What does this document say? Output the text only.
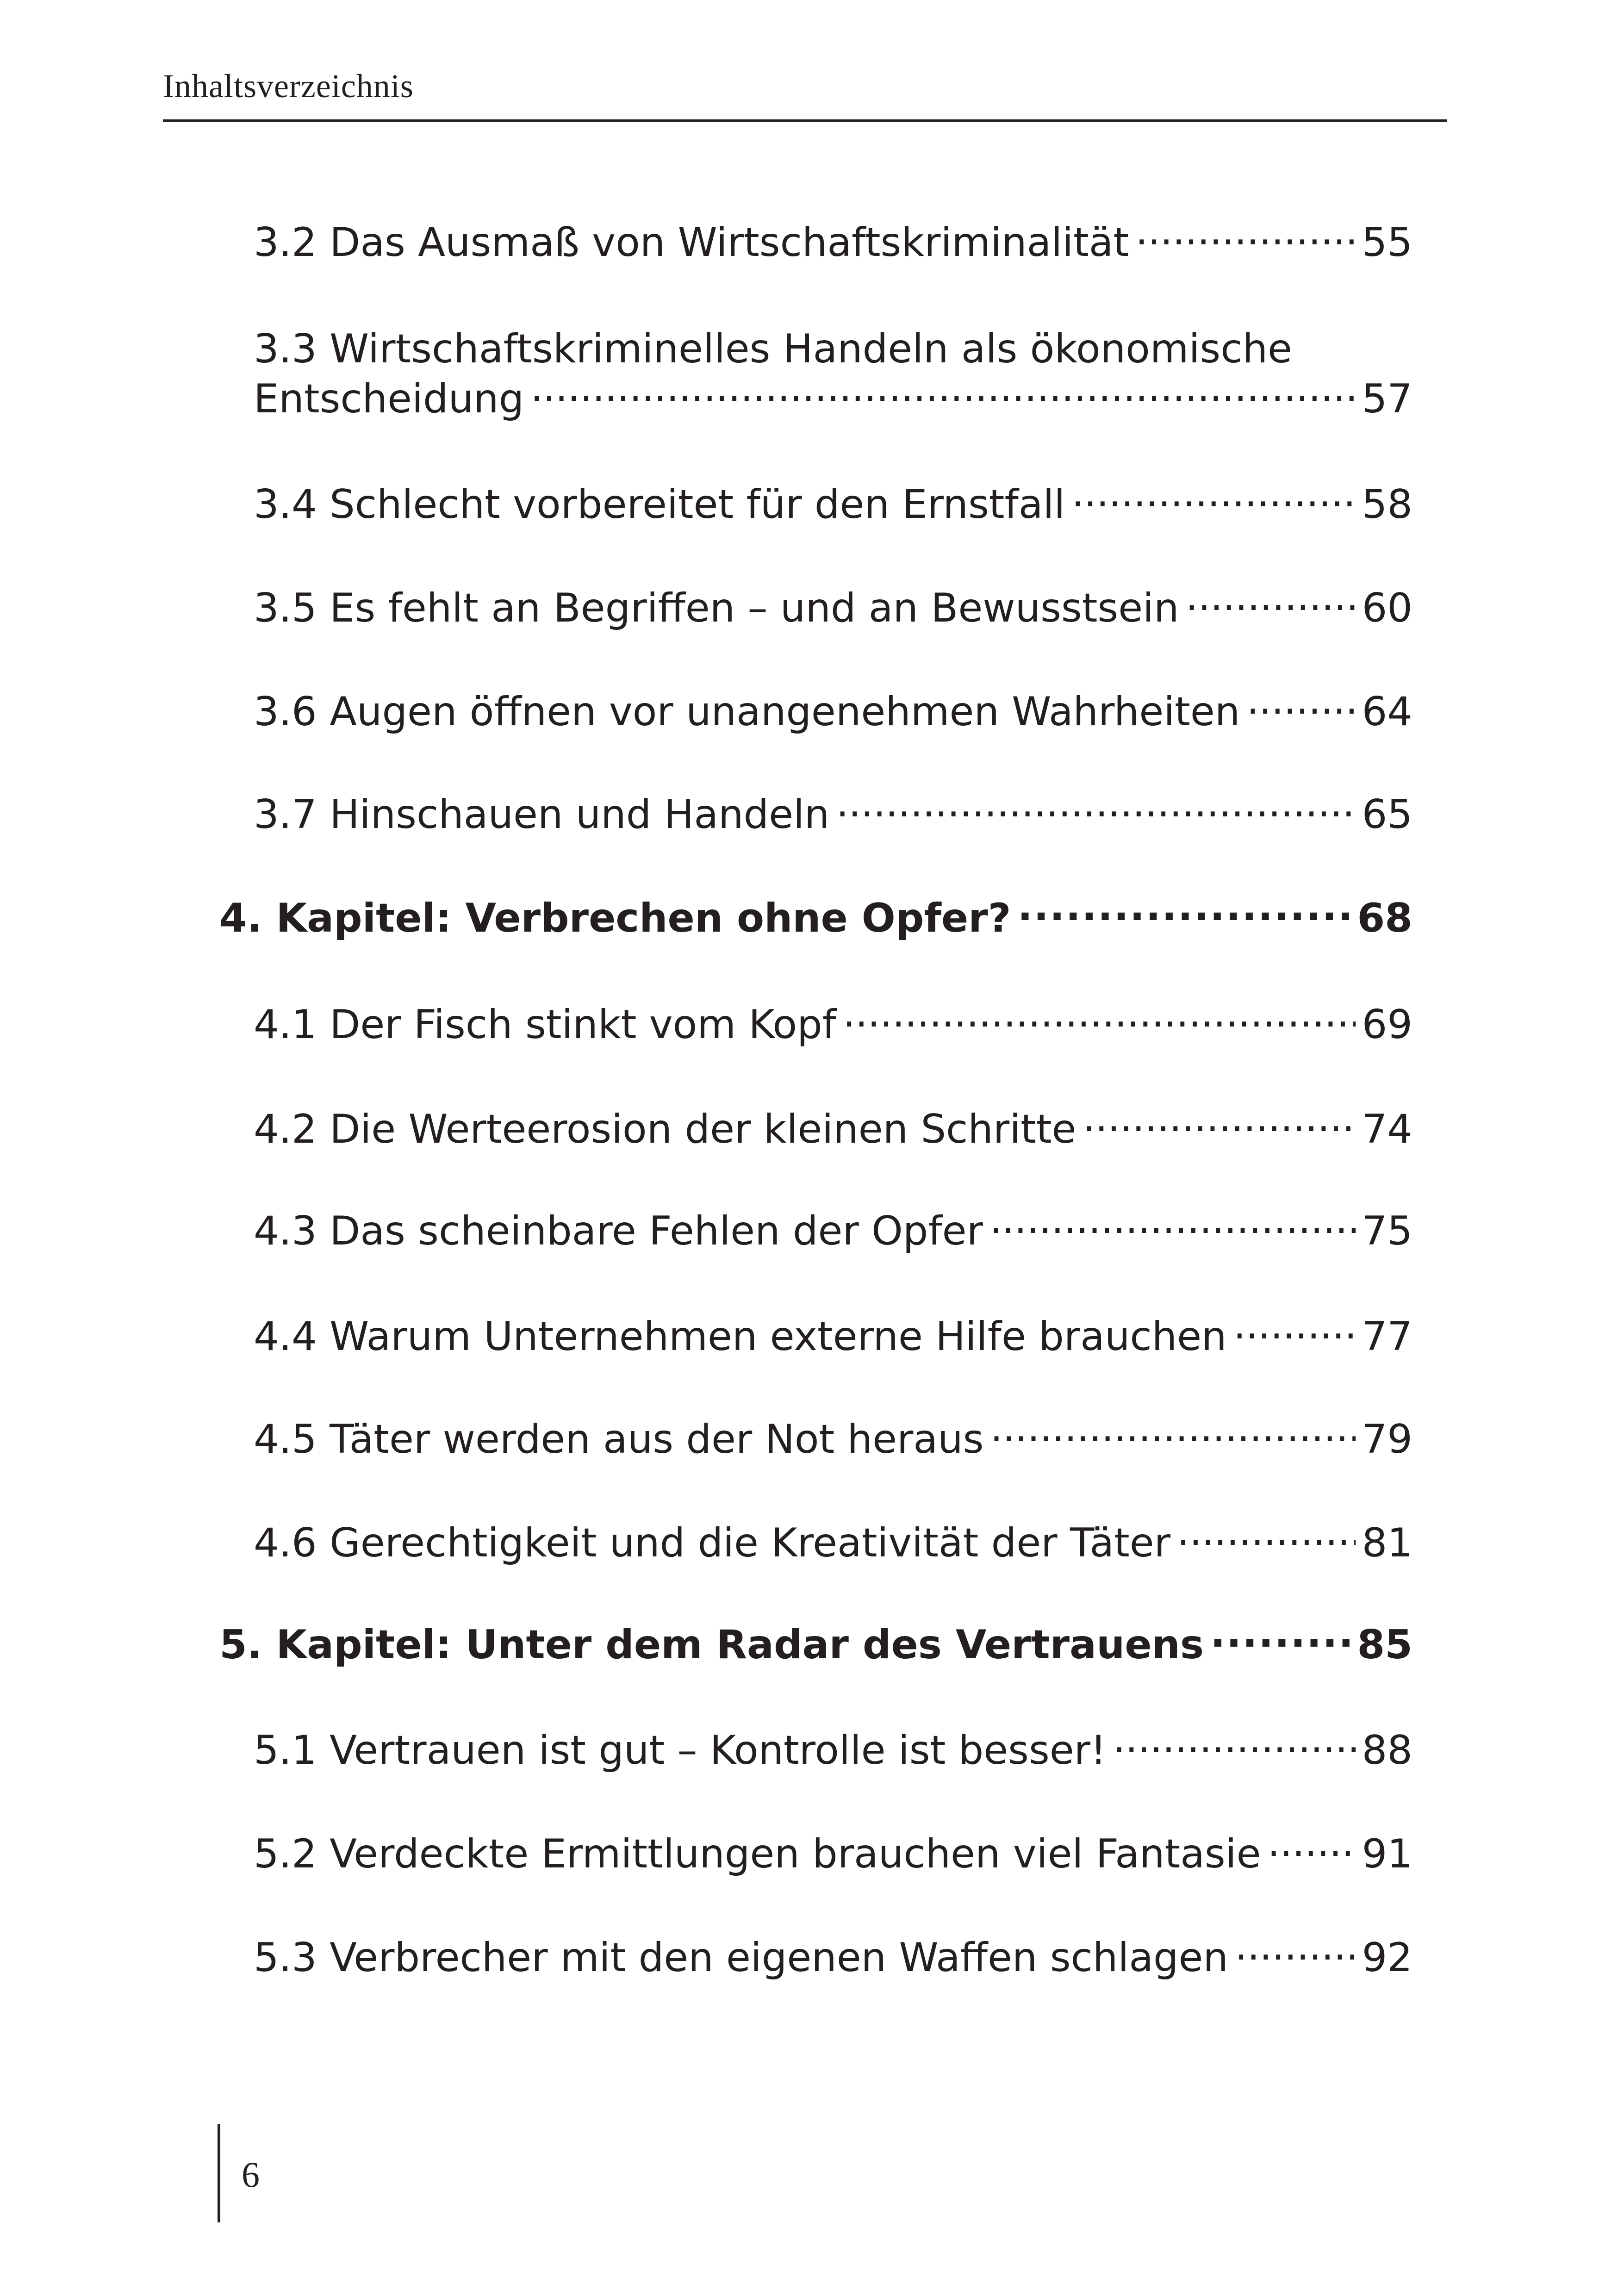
Inhaltsverzeichnis
3.2 Das Ausmaß von Wirtschaftskriminalität . . .	55
3.3 Wirtschaftskriminelles Handeln als ökonomische
Entscheidung . . .	57
3.4 Schlecht vorbereitet für den Ernstfall . . .	58
3.5 Es fehlt an Begriffen – und an Bewusstsein . . .	60
3.6 Augen öffnen vor unangenehmen Wahrheiten . . .	64
3.7 Hinschauen und Handeln . . .	65
4. Kapitel: Verbrechen ohne Opfer? . . .	68
4.1 Der Fisch stinkt vom Kopf . . .	69
4.2 Die Werteerosion der kleinen Schritte . . .	74
4.3 Das scheinbare Fehlen der Opfer . . .	75
4.4 Warum Unternehmen externe Hilfe brauchen . . .	77
4.5 Täter werden aus der Not heraus . . .	79
4.6 Gerechtigkeit und die Kreativität der Täter . . .	81
5. Kapitel: Unter dem Radar des Vertrauens . . .	85
5.1 Vertrauen ist gut – Kontrolle ist besser! . . .	88
5.2 Verdeckte Ermittlungen brauchen viel Fantasie . . .	91
5.3 Verbrecher mit den eigenen Waffen schlagen . . .	92
6
